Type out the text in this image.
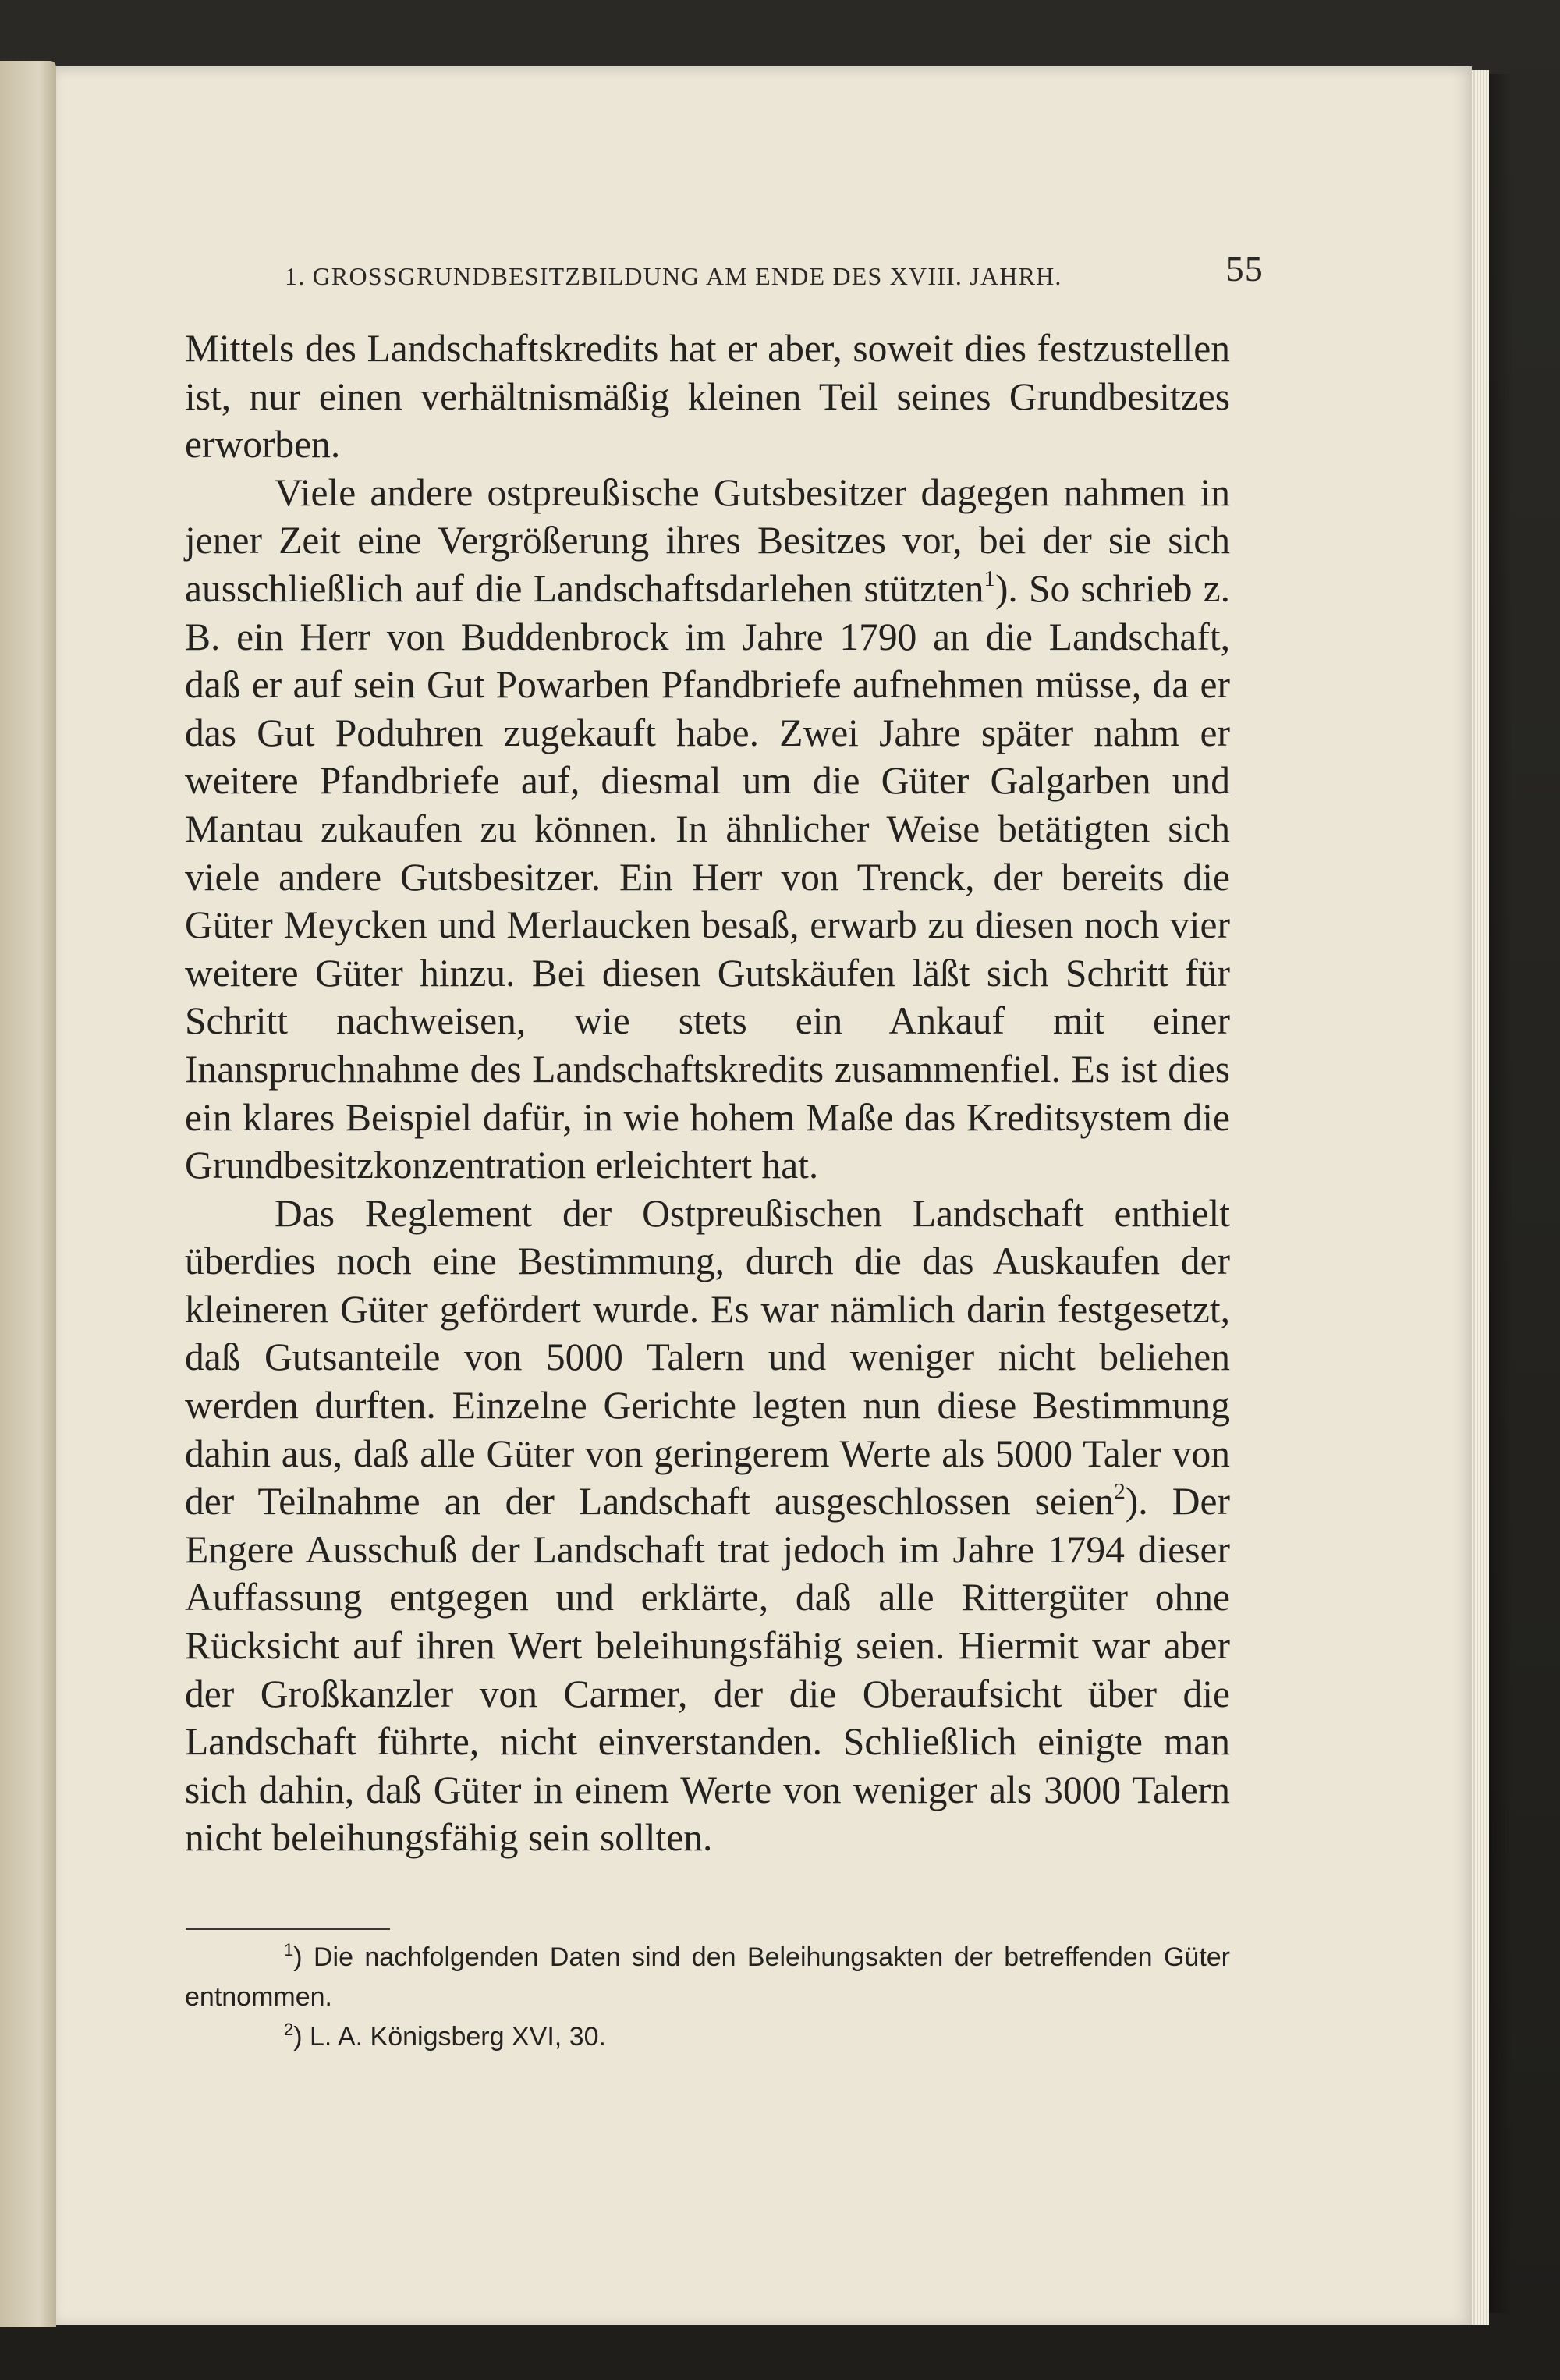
1. GROSSGRUNDBESITZBILDUNG AM ENDE DES XVIII. JAHRH.	55

Mittels des Landschaftskredits hat er aber, soweit dies festzustellen ist, nur einen verhältnismäßig kleinen Teil seines Grundbesitzes erworben.

Viele andere ostpreußische Gutsbesitzer dagegen nahmen in jener Zeit eine Vergrößerung ihres Besitzes vor, bei der sie sich ausschließlich auf die Landschaftsdarlehen stützten$^1$). So schrieb z. B. ein Herr von Buddenbrock im Jahre 1790 an die Landschaft, daß er auf sein Gut Powarben Pfandbriefe aufnehmen müsse, da er das Gut Poduhren zugekauft habe. Zwei Jahre später nahm er weitere Pfandbriefe auf, diesmal um die Güter Galgarben und Mantau zukaufen zu können. In ähnlicher Weise betätigten sich viele andere Gutsbesitzer. Ein Herr von Trenck, der bereits die Güter Meycken und Merlaucken besaß, erwarb zu diesen noch vier weitere Güter hinzu. Bei diesen Gutskäufen läßt sich Schritt für Schritt nachweisen, wie stets ein Ankauf mit einer Inanspruchnahme des Landschaftskredits zusammenfiel. Es ist dies ein klares Beispiel dafür, in wie hohem Maße das Kreditsystem die Grundbesitzkonzentration erleichtert hat.

Das Reglement der Ostpreußischen Landschaft enthielt überdies noch eine Bestimmung, durch die das Auskaufen der kleineren Güter gefördert wurde. Es war nämlich darin festgesetzt, daß Gutsanteile von 5000 Talern und weniger nicht beliehen werden durften. Einzelne Gerichte legten nun diese Bestimmung dahin aus, daß alle Güter von geringerem Werte als 5000 Taler von der Teilnahme an der Landschaft ausgeschlossen seien$^2$). Der Engere Ausschuß der Landschaft trat jedoch im Jahre 1794 dieser Auffassung entgegen und erklärte, daß alle Rittergüter ohne Rücksicht auf ihren Wert beleihungsfähig seien. Hiermit war aber der Großkanzler von Carmer, der die Oberaufsicht über die Landschaft führte, nicht einverstanden. Schließlich einigte man sich dahin, daß Güter in einem Werte von weniger als 3000 Talern nicht beleihungsfähig sein sollten.

$^1$) Die nachfolgenden Daten sind den Beleihungsakten der betreffenden Güter entnommen.

$^2$) L. A. Königsberg XVI, 30.
